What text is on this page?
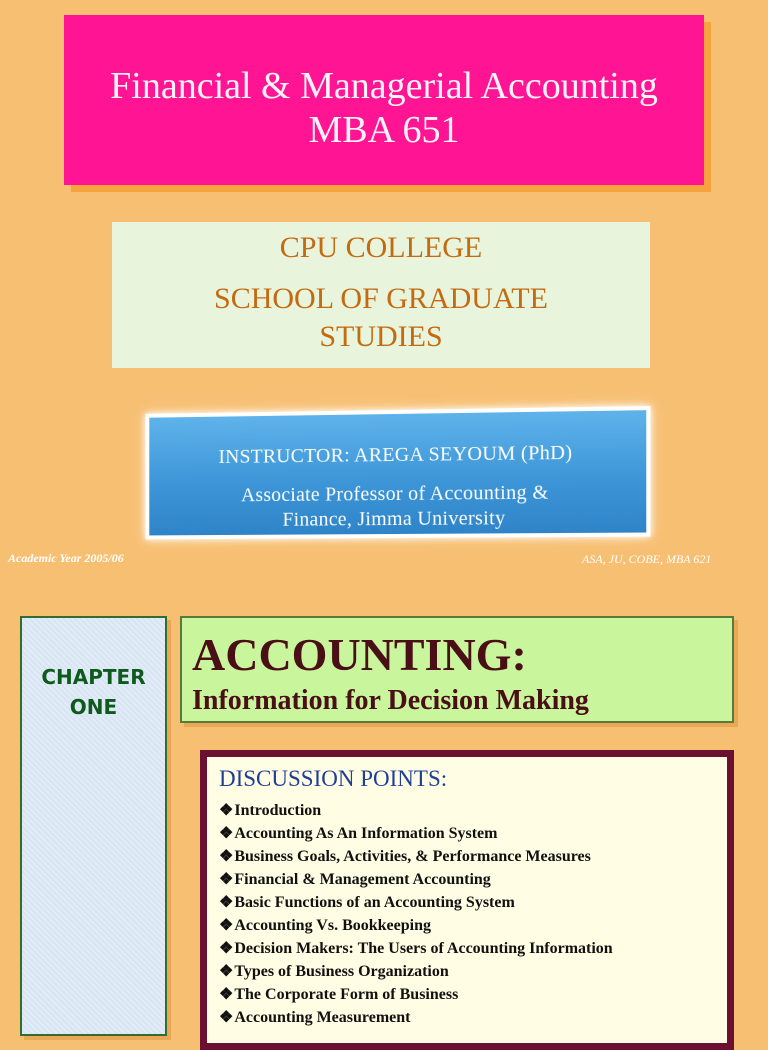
Financial & Managerial Accounting
MBA 651
CPU COLLEGE
SCHOOL OF GRADUATE
STUDIES
INSTRUCTOR: AREGA SEYOUM (PhD)
Associate Professor of Accounting &
Finance, Jimma University
Academic Year 2005/06	ASA, JU, COBE, MBA 621
CHAPTER
ONE
ACCOUNTING:
Information for Decision Making
DISCUSSION POINTS:
❖Introduction
❖Accounting As An Information System
❖Business Goals, Activities, & Performance Measures
❖Financial & Management Accounting
❖Basic Functions of an Accounting System
❖Accounting Vs. Bookkeeping
❖Decision Makers: The Users of Accounting Information
❖Types of Business Organization
❖The Corporate Form of Business
❖Accounting Measurement
